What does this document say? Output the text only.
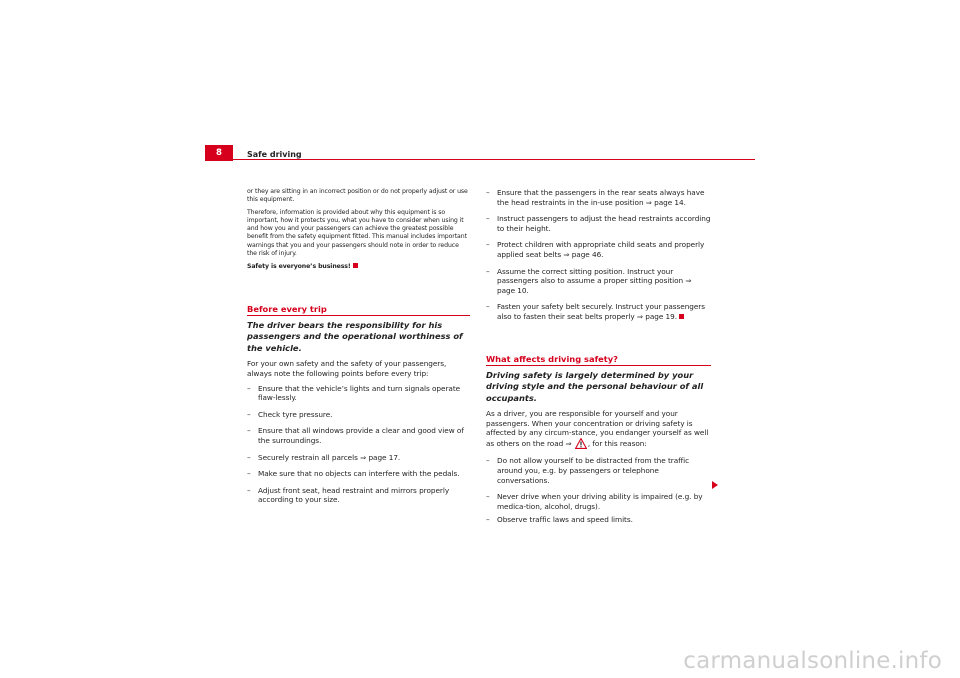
8	Safe driving

or they are sitting in an incorrect position or do not properly adjust or use this equipment.

Therefore, information is provided about why this equipment is so important, how it protects you, what you have to consider when using it and how you and your passengers can achieve the greatest possible benefit from the safety equipment fitted. This manual includes important warnings that you and your passengers should note in order to reduce the risk of injury.

Safety is everyone’s business!

Before every trip

The driver bears the responsibility for his passengers and the operational worthiness of the vehicle.

For your own safety and the safety of your passengers, always note the following points before every trip:

– Ensure that the vehicle’s lights and turn signals operate flaw-lessly.
– Check tyre pressure.
– Ensure that all windows provide a clear and good view of the surroundings.
– Securely restrain all parcels ⇒ page 17.
– Make sure that no objects can interfere with the pedals.
– Adjust front seat, head restraint and mirrors properly according to your size.
– Ensure that the passengers in the rear seats always have the head restraints in the in-use position ⇒ page 14.
– Instruct passengers to adjust the head restraints according to their height.
– Protect children with appropriate child seats and properly applied seat belts ⇒ page 46.
– Assume the correct sitting position. Instruct your passengers also to assume a proper sitting position ⇒ page 10.
– Fasten your safety belt securely. Instruct your passengers also to fasten their seat belts properly ⇒ page 19.
What affects driving safety?

Driving safety is largely determined by your driving style and the personal behaviour of all occupants.

As a driver, you are responsible for yourself and your passengers. When your concentration or driving safety is affected by any circum-stance, you endanger yourself as well as others on the road ⇒ , for this reason:

– Do not allow yourself to be distracted from the traffic around you, e.g. by passengers or telephone conversations.
– Never drive when your driving ability is impaired (e.g. by medica-tion, alcohol, drugs).
– Observe traffic laws and speed limits.
carmanualsonline.info
